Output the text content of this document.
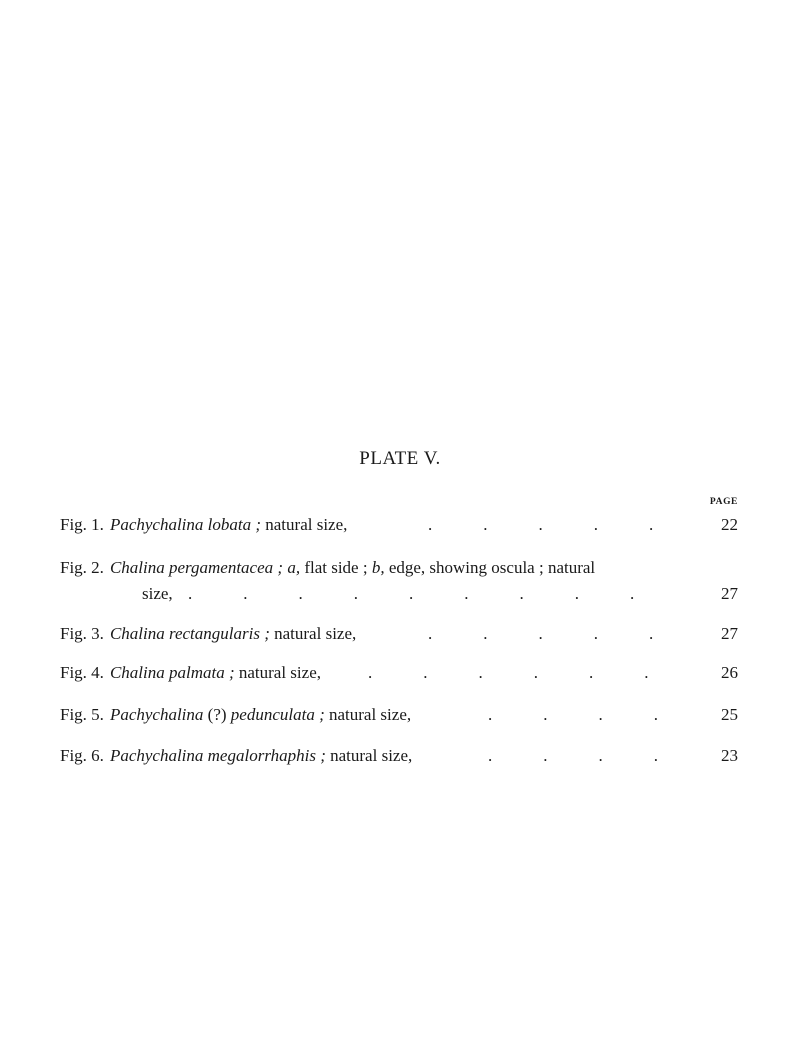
PLATE V.
PAGE
Fig. 1. Pachychalina lobata ; natural size,	.   .   .   .   .	22
Fig. 2. Chalina pergamentacea ; a, flat side ; b, edge, showing oscula ; natural
size, .   .   .   .   .   .   .   .   .	27
Fig. 3. Chalina rectangularis ; natural size,	.   .   .   .   .	27
Fig. 4. Chalina palmata ; natural size,	.   .   .   .   .   .	26
Fig. 5. Pachychalina (?) pedunculata ; natural size,	.   .   .   .	25
Fig. 6. Pachychalina megalorrhaphis ; natural size,	.   .   .   .	23
